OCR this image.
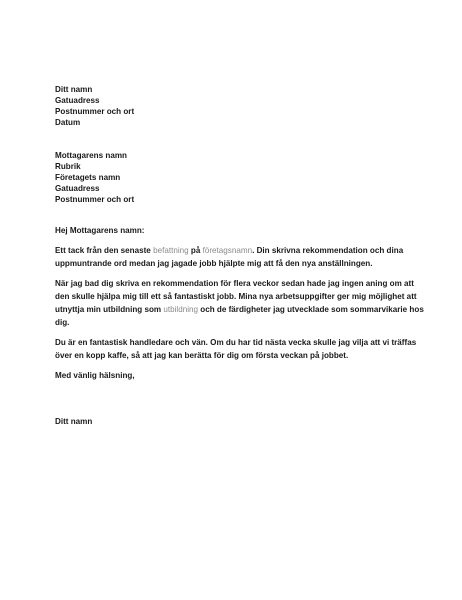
Ditt namn
Gatuadress
Postnummer och ort
Datum
Mottagarens namn
Rubrik
Företagets namn
Gatuadress
Postnummer och ort
Hej Mottagarens namn:
Ett tack från den senaste befattning på företagsnamn. Din skrivna rekommendation och dina
uppmuntrande ord medan jag jagade jobb hjälpte mig att få den nya anställningen.
När jag bad dig skriva en rekommendation för flera veckor sedan hade jag ingen aning om att
den skulle hjälpa mig till ett så fantastiskt jobb. Mina nya arbetsuppgifter ger mig möjlighet att
utnyttja min utbildning som utbildning och de färdigheter jag utvecklade som sommarvikarie hos
dig.
Du är en fantastisk handledare och vän. Om du har tid nästa vecka skulle jag vilja att vi träffas
över en kopp kaffe, så att jag kan berätta för dig om första veckan på jobbet.
Med vänlig hälsning,
Ditt namn
